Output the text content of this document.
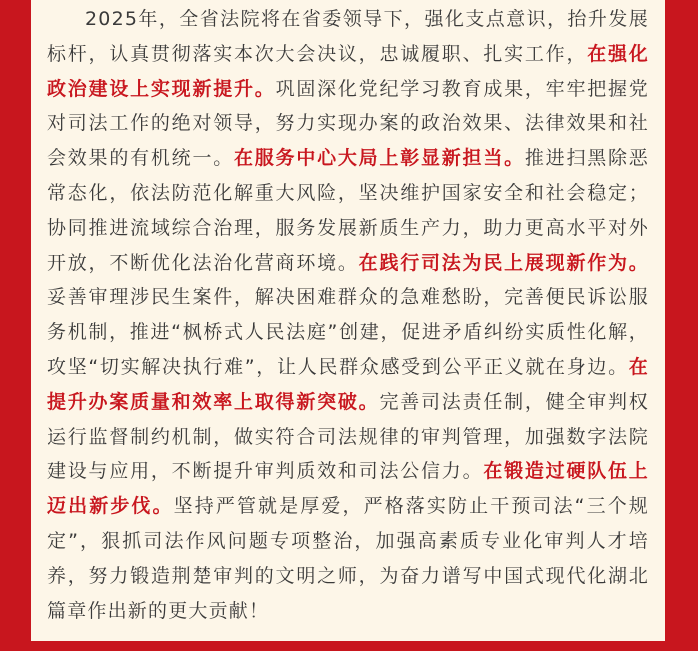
2025年，全省法院将在省委领导下，强化支点意识，抬升发展标杆，认真贯彻落实本次大会决议，忠诚履职、扎实工作，在强化政治建设上实现新提升。巩固深化党纪学习教育成果，牢牢把握党对司法工作的绝对领导，努力实现办案的政治效果、法律效果和社会效果的有机统一。在服务中心大局上彰显新担当。推进扫黑除恶常态化，依法防范化解重大风险，坚决维护国家安全和社会稳定；协同推进流域综合治理，服务发展新质生产力，助力更高水平对外开放，不断优化法治化营商环境。在践行司法为民上展现新作为。妥善审理涉民生案件，解决困难群众的急难愁盼，完善便民诉讼服务机制，推进“枫桥式人民法庭”创建，促进矛盾纠纷实质性化解，攻坚“切实解决执行难”，让人民群众感受到公平正义就在身边。在提升办案质量和效率上取得新突破。完善司法责任制，健全审判权运行监督制约机制，做实符合司法规律的审判管理，加强数字法院建设与应用，不断提升审判质效和司法公信力。在锻造过硬队伍上迈出新步伐。坚持严管就是厚爱，严格落实防止干预司法“三个规定”，狠抓司法作风问题专项整治，加强高素质专业化审判人才培养，努力锻造荆楚审判的文明之师，为奋力谱写中国式现代化湖北篇章作出新的更大贡献！
